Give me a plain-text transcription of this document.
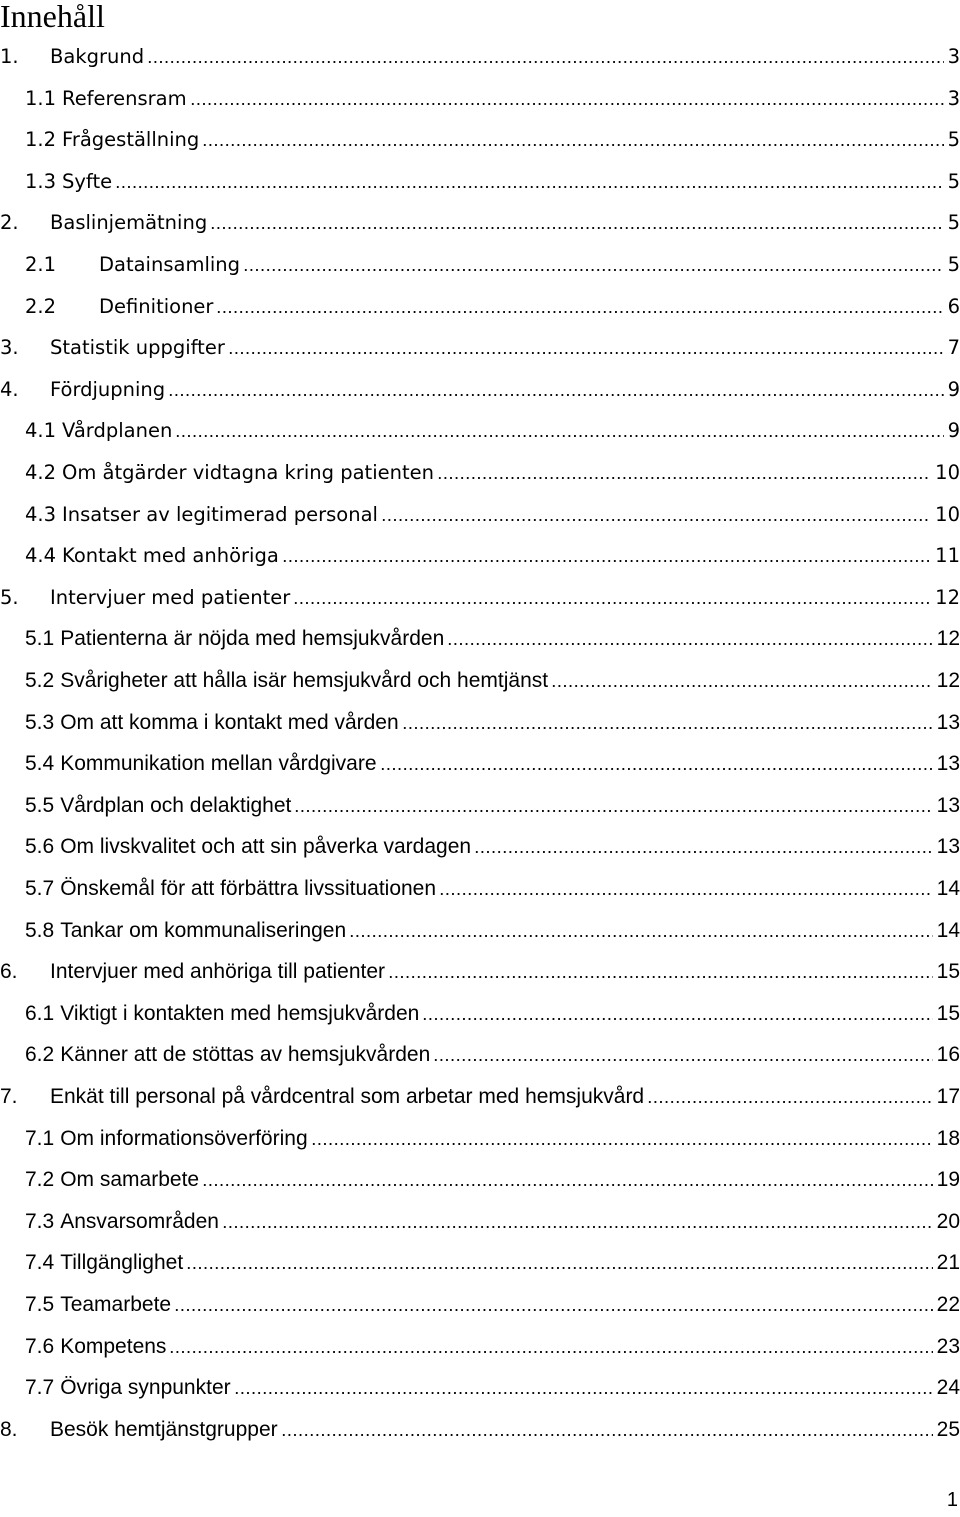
Innehåll
1.	Bakgrund	3
1.1 Referensram	3
1.2 Frågeställning	5
1.3 Syfte	5
2.	Baslinjemätning	5
2.1	Datainsamling	5
2.2	Definitioner	6
3.	Statistik uppgifter	7
4.	Fördjupning	9
4.1 Vårdplanen	9
4.2 Om åtgärder vidtagna kring patienten	10
4.3 Insatser av legitimerad personal	10
4.4 Kontakt med anhöriga	11
5.	Intervjuer med patienter	12
5.1 Patienterna är nöjda med hemsjukvården	12
5.2 Svårigheter att hålla isär hemsjukvård och hemtjänst	12
5.3 Om att komma i kontakt med vården	13
5.4 Kommunikation mellan vårdgivare	13
5.5 Vårdplan och delaktighet	13
5.6 Om livskvalitet och att sin påverka vardagen	13
5.7 Önskemål för att förbättra livssituationen	14
5.8 Tankar om kommunaliseringen	14
6.	Intervjuer med anhöriga till patienter	15
6.1 Viktigt i kontakten med hemsjukvården	15
6.2 Känner att de stöttas av hemsjukvården	16
7.	Enkät till personal på vårdcentral som arbetar med hemsjukvård	17
7.1 Om informationsöverföring	18
7.2 Om samarbete	19
7.3 Ansvarsområden	20
7.4 Tillgänglighet	21
7.5 Teamarbete	22
7.6 Kompetens	23
7.7 Övriga synpunkter	24
8.	Besök hemtjänstgrupper	25
1
